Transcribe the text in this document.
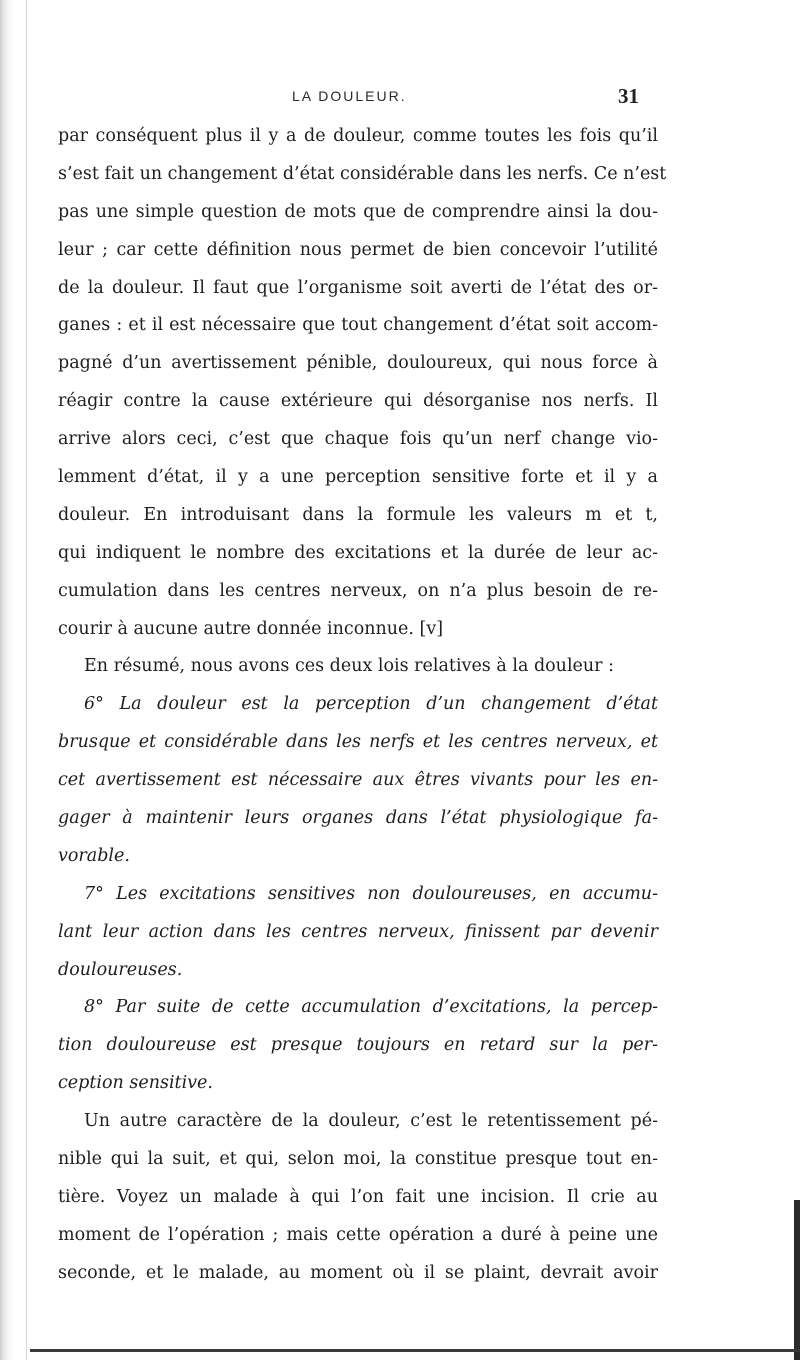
LA DOULEUR.	31
par conséquent plus il y a de douleur, comme toutes les fois qu’il
s’est fait un changement d’état considérable dans les nerfs. Ce n’est
pas une simple question de mots que de comprendre ainsi la dou-
leur ; car cette définition nous permet de bien concevoir l’utilité
de la douleur. Il faut que l’organisme soit averti de l’état des or-
ganes : et il est nécessaire que tout changement d’état soit accom-
pagné d’un avertissement pénible, douloureux, qui nous force à
réagir contre la cause extérieure qui désorganise nos nerfs. Il
arrive alors ceci, c’est que chaque fois qu’un nerf change vio-
lemment d’état, il y a une perception sensitive forte et il y a
douleur. En introduisant dans la formule les valeurs m et t,
qui indiquent le nombre des excitations et la durée de leur ac-
cumulation dans les centres nerveux, on n’a plus besoin de re-
courir à aucune autre donnée inconnue. [v]
En résumé, nous avons ces deux lois relatives à la douleur :
6° La douleur est la perception d’un changement d’état
brusque et considérable dans les nerfs et les centres nerveux, et
cet avertissement est nécessaire aux êtres vivants pour les en-
gager à maintenir leurs organes dans l’état physiologique fa-
vorable.
7° Les excitations sensitives non douloureuses, en accumu-
lant leur action dans les centres nerveux, finissent par devenir
douloureuses.
8° Par suite de cette accumulation d’excitations, la percep-
tion douloureuse est presque toujours en retard sur la per-
ception sensitive.
Un autre caractère de la douleur, c’est le retentissement pé-
nible qui la suit, et qui, selon moi, la constitue presque tout en-
tière. Voyez un malade à qui l’on fait une incision. Il crie au
moment de l’opération ; mais cette opération a duré à peine une
seconde, et le malade, au moment où il se plaint, devrait avoir
